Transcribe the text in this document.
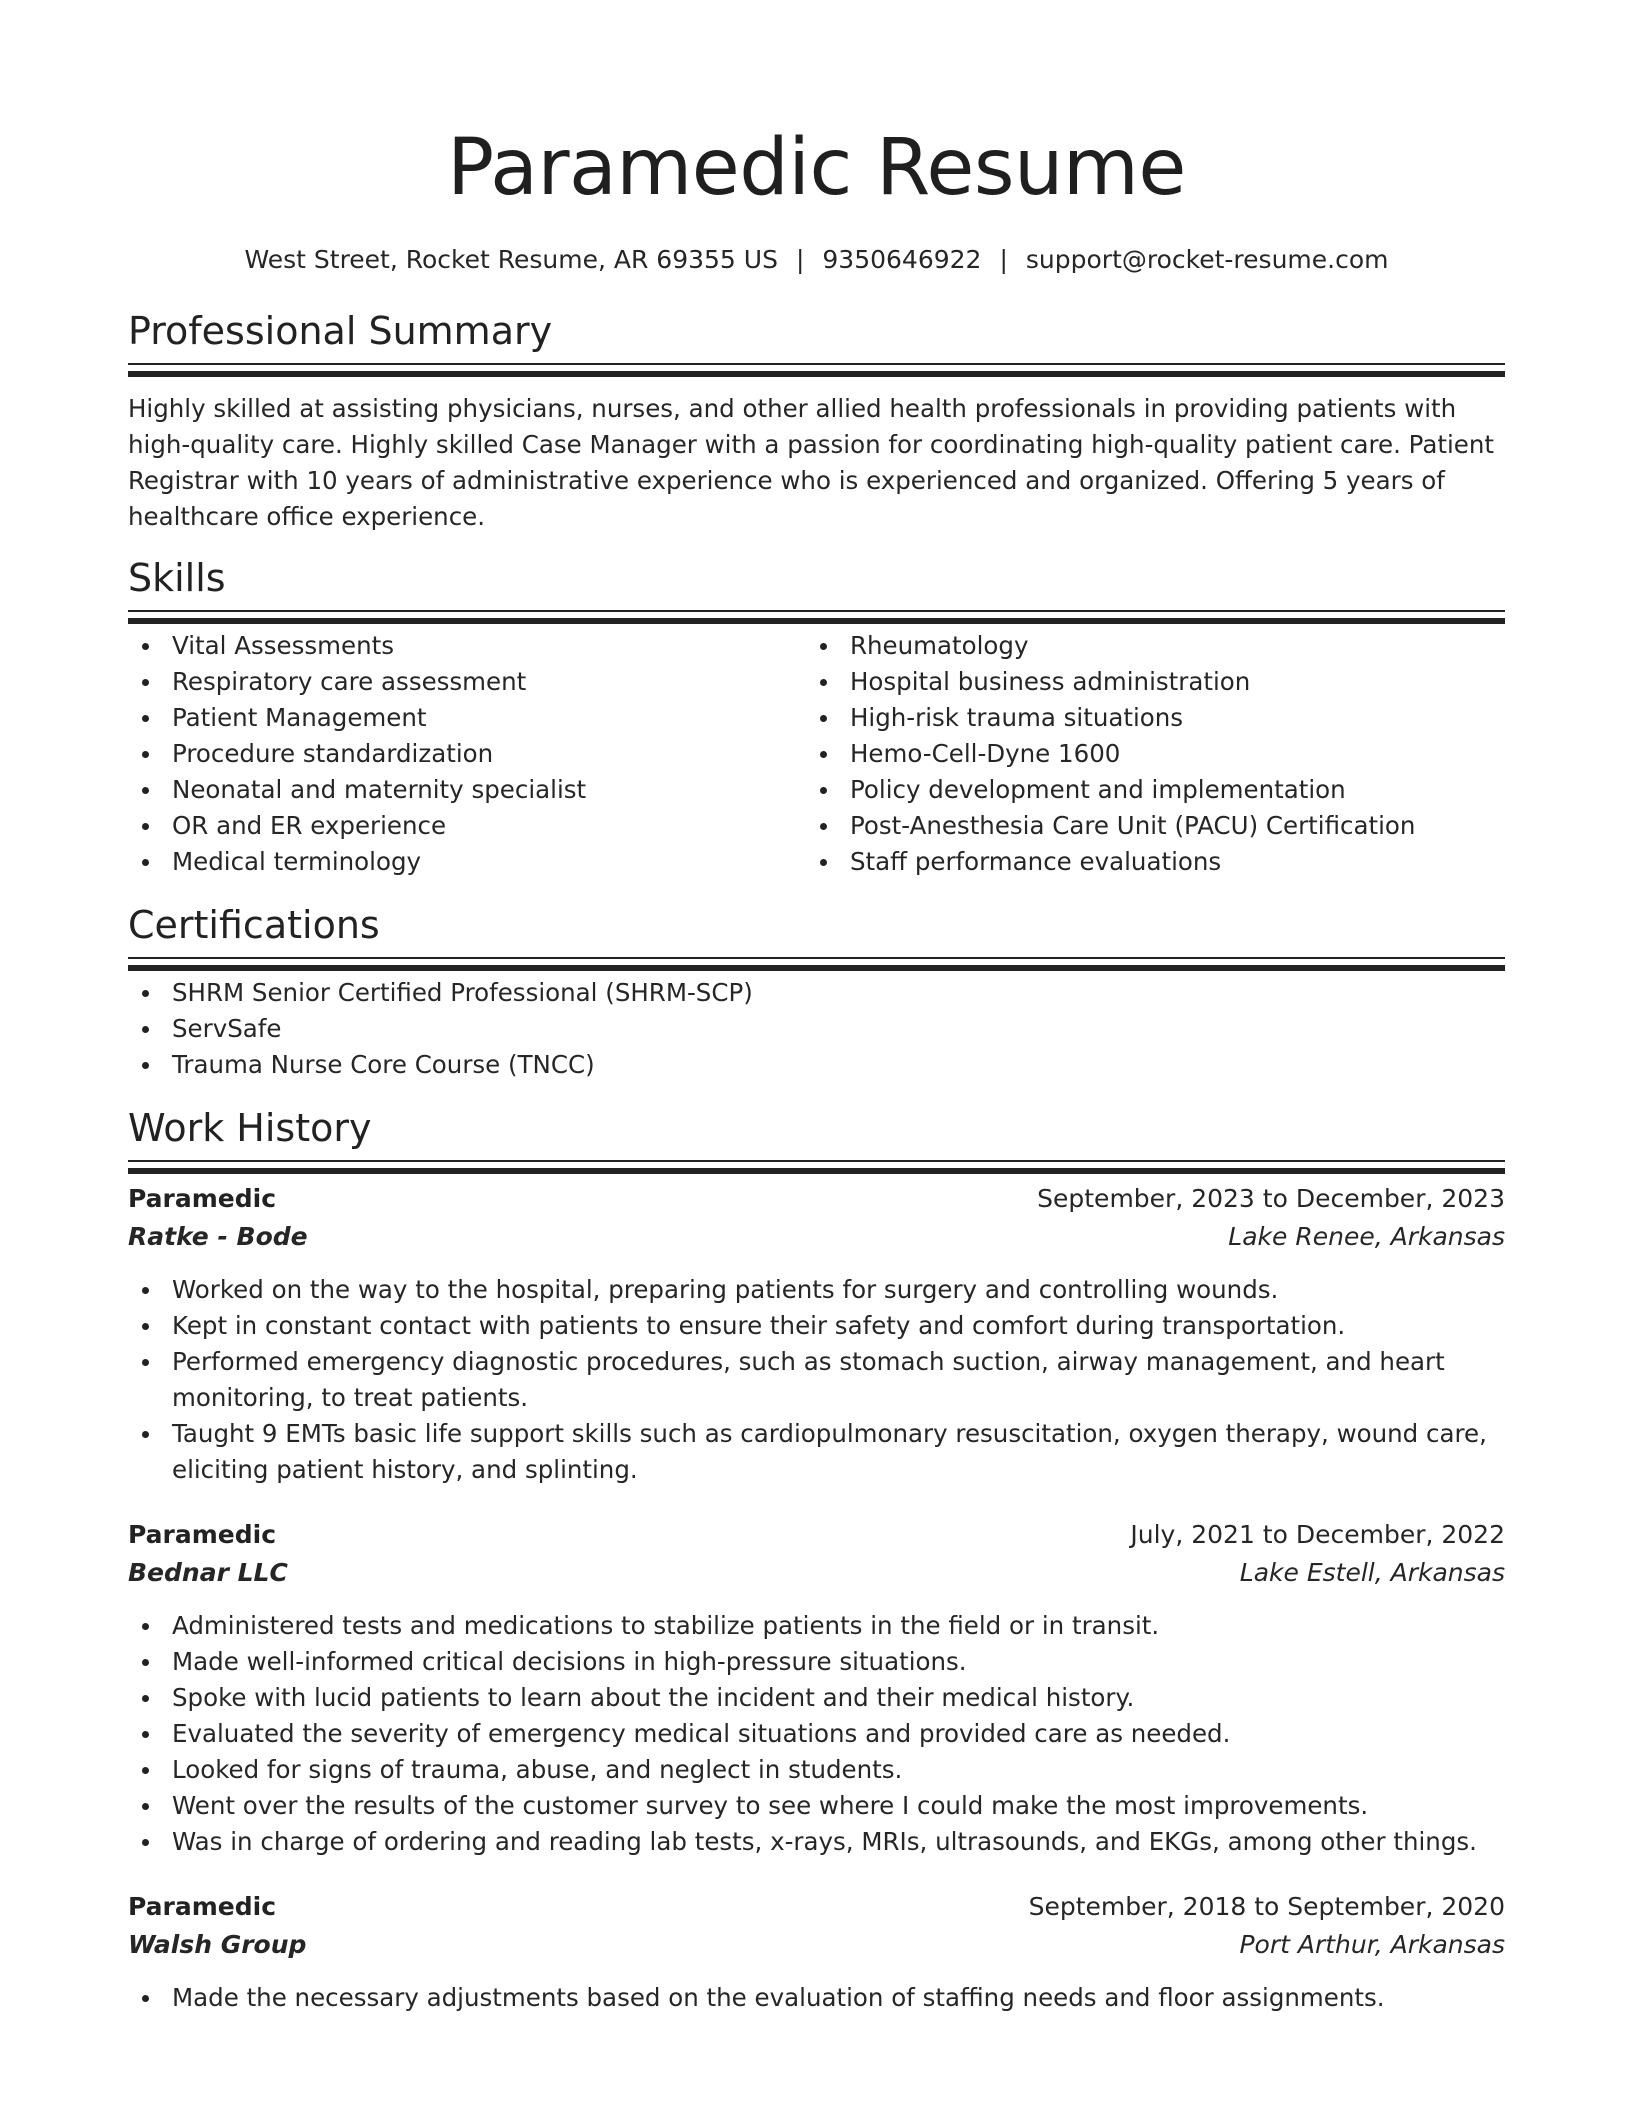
Paramedic Resume
West Street, Rocket Resume, AR 69355 US | 9350646922 | support@rocket-resume.com
Professional Summary

Highly skilled at assisting physicians, nurses, and other allied health professionals in providing patients with high-quality care. Highly skilled Case Manager with a passion for coordinating high-quality patient care. Patient Registrar with 10 years of administrative experience who is experienced and organized. Offering 5 years of healthcare office experience.

Skills
Vital Assessments
Respiratory care assessment
Patient Management
Procedure standardization
Neonatal and maternity specialist
OR and ER experience
Medical terminology
Rheumatology
Hospital business administration
High-risk trauma situations
Hemo-Cell-Dyne 1600
Policy development and implementation
Post-Anesthesia Care Unit (PACU) Certification
Staff performance evaluations
Certifications
SHRM Senior Certified Professional (SHRM-SCP)
ServSafe
Trauma Nurse Core Course (TNCC)
Work History
Paramedic	September, 2023 to December, 2023
Ratke - Bode	Lake Renee, Arkansas
Worked on the way to the hospital, preparing patients for surgery and controlling wounds.
Kept in constant contact with patients to ensure their safety and comfort during transportation.
Performed emergency diagnostic procedures, such as stomach suction, airway management, and heart monitoring, to treat patients.
Taught 9 EMTs basic life support skills such as cardiopulmonary resuscitation, oxygen therapy, wound care, eliciting patient history, and splinting.
Paramedic	July, 2021 to December, 2022
Bednar LLC	Lake Estell, Arkansas
Administered tests and medications to stabilize patients in the field or in transit.
Made well-informed critical decisions in high-pressure situations.
Spoke with lucid patients to learn about the incident and their medical history.
Evaluated the severity of emergency medical situations and provided care as needed.
Looked for signs of trauma, abuse, and neglect in students.
Went over the results of the customer survey to see where I could make the most improvements.
Was in charge of ordering and reading lab tests, x-rays, MRIs, ultrasounds, and EKGs, among other things.
Paramedic	September, 2018 to September, 2020
Walsh Group	Port Arthur, Arkansas
Made the necessary adjustments based on the evaluation of staffing needs and floor assignments.
